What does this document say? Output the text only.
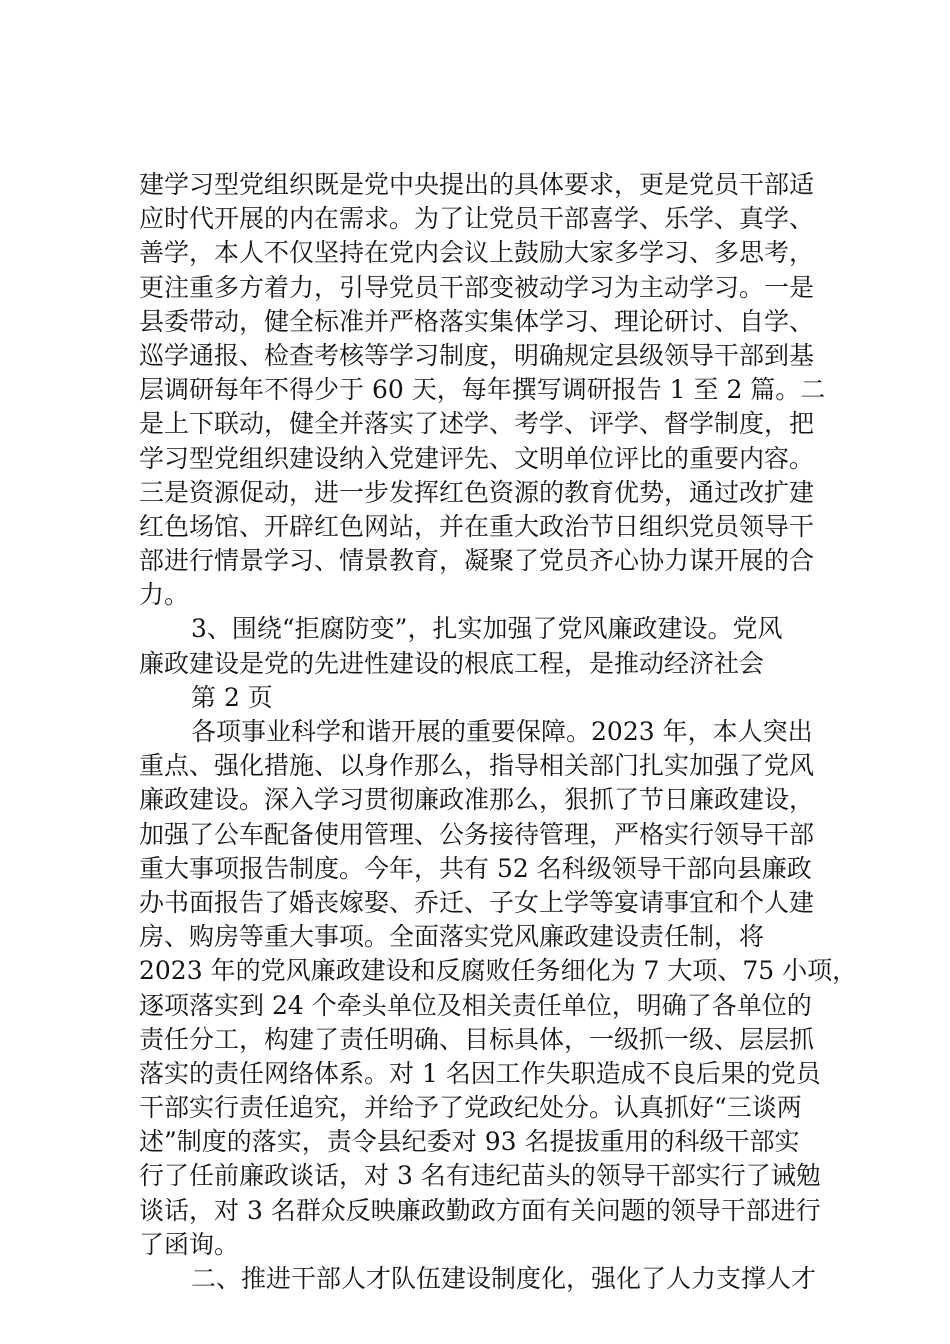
建学习型党组织既是党中央提出的具体要求，更是党员干部适
应时代开展的内在需求。为了让党员干部喜学、乐学、真学、
善学，本人不仅坚持在党内会议上鼓励大家多学习、多思考，
更注重多方着力，引导党员干部变被动学习为主动学习。一是
县委带动，健全标准并严格落实集体学习、理论研讨、自学、
巡学通报、检查考核等学习制度，明确规定县级领导干部到基
层调研每年不得少于 60 天，每年撰写调研报告 1 至 2 篇。二
是上下联动，健全并落实了述学、考学、评学、督学制度，把
学习型党组织建设纳入党建评先、文明单位评比的重要内容。
三是资源促动，进一步发挥红色资源的教育优势，通过改扩建
红色场馆、开辟红色网站，并在重大政治节日组织党员领导干
部进行情景学习、情景教育，凝聚了党员齐心协力谋开展的合
力。
3、围绕“拒腐防变”，扎实加强了党风廉政建设。党风
廉政建设是党的先进性建设的根底工程，是推动经济社会
第 2 页
各项事业科学和谐开展的重要保障。2023 年，本人突出
重点、强化措施、以身作那么，指导相关部门扎实加强了党风
廉政建设。深入学习贯彻廉政准那么，狠抓了节日廉政建设，
加强了公车配备使用管理、公务接待管理，严格实行领导干部
重大事项报告制度。今年，共有 52 名科级领导干部向县廉政
办书面报告了婚丧嫁娶、乔迁、子女上学等宴请事宜和个人建
房、购房等重大事项。全面落实党风廉政建设责任制，将
2023 年的党风廉政建设和反腐败任务细化为 7 大项、75 小项，
逐项落实到 24 个牵头单位及相关责任单位，明确了各单位的
责任分工，构建了责任明确、目标具体，一级抓一级、层层抓
落实的责任网络体系。对 1 名因工作失职造成不良后果的党员
干部实行责任追究，并给予了党政纪处分。认真抓好“三谈两
述”制度的落实，责令县纪委对 93 名提拔重用的科级干部实
行了任前廉政谈话，对 3 名有违纪苗头的领导干部实行了诫勉
谈话，对 3 名群众反映廉政勤政方面有关问题的领导干部进行
了函询。
二、推进干部人才队伍建设制度化，强化了人力支撑人才
